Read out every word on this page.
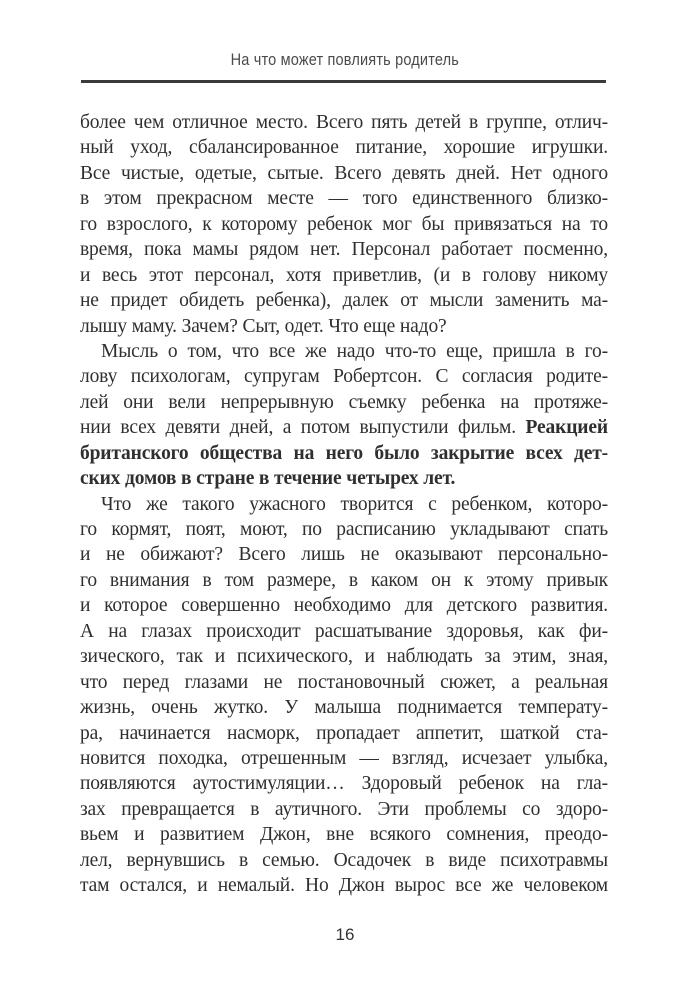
На что может повлиять родитель
более чем отличное место. Всего пять детей в группе, отлич-
ный уход, сбалансированное питание, хорошие игрушки.
Все чистые, одетые, сытые. Всего девять дней. Нет одного
в этом прекрасном месте — того единственного близко-
го взрослого, к которому ребенок мог бы привязаться на то
время, пока мамы рядом нет. Персонал работает посменно,
и весь этот персонал, хотя приветлив, (и в голову никому
не придет обидеть ребенка), далек от мысли заменить ма-
лышу маму. Зачем? Сыт, одет. Что еще надо?
Мысль о том, что все же надо что-то еще, пришла в го-
лову психологам, супругам Робертсон. С согласия родите-
лей они вели непрерывную съемку ребенка на протяже-
нии всех девяти дней, а потом выпустили фильм. Реакцией
британского общества на него было закрытие всех дет-
ских домов в стране в течение четырех лет.
Что же такого ужасного творится с ребенком, которо-
го кормят, поят, моют, по расписанию укладывают спать
и не обижают? Всего лишь не оказывают персонально-
го внимания в том размере, в каком он к этому привык
и которое совершенно необходимо для детского развития.
А на глазах происходит расшатывание здоровья, как фи-
зического, так и психического, и наблюдать за этим, зная,
что перед глазами не постановочный сюжет, а реальная
жизнь, очень жутко. У малыша поднимается температу-
ра, начинается насморк, пропадает аппетит, шаткой ста-
новится походка, отрешенным — взгляд, исчезает улыбка,
появляются аутостимуляции… Здоровый ребенок на гла-
зах превращается в аутичного. Эти проблемы со здоро-
вьем и развитием Джон, вне всякого сомнения, преодо-
лел, вернувшись в семью. Осадочек в виде психотравмы
там остался, и немалый. Но Джон вырос все же человеком
16
